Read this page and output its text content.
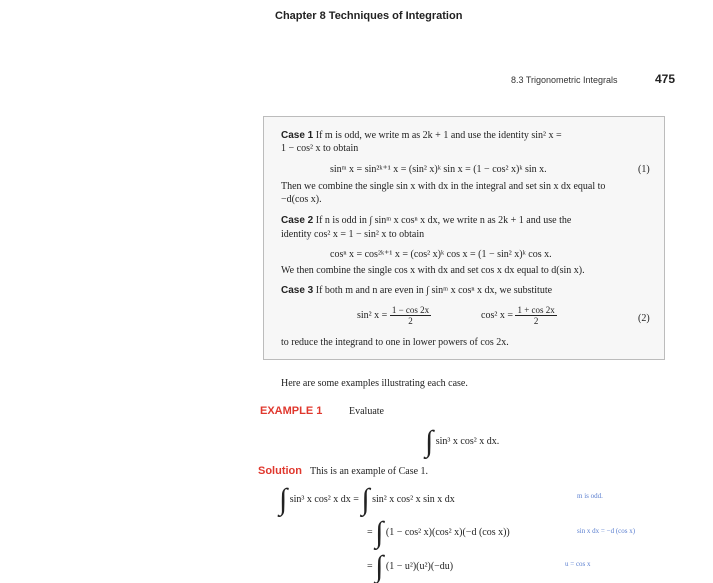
Chapter 8 Techniques of Integration
8.3 Trigonometric Integrals	475
Case 1 If m is odd, we write m as 2k + 1 and use the identity sin² x =
1 − cos² x to obtain
sinᵐ x = sin²ᵏ⁺¹ x = (sin² x)ᵏ sin x = (1 − cos² x)ᵏ sin x.	(1)
Then we combine the single sin x with dx in the integral and set sin x dx equal to
−d(cos x).
Case 2 If n is odd in ∫ sinᵐ x cosⁿ x dx, we write n as 2k + 1 and use the
identity cos² x = 1 − sin² x to obtain
cosⁿ x = cos²ᵏ⁺¹ x = (cos² x)ᵏ cos x = (1 − sin² x)ᵏ cos x.
We then combine the single cos x with dx and set cos x dx equal to d(sin x).
Case 3 If both m and n are even in ∫ sinᵐ x cosⁿ x dx, we substitute
sin² $x = \frac{1 - \cos 2x}{2}$	cos² $x = \frac{1 + \cos 2x}{2}$	(2)
to reduce the integrand to one in lower powers of cos 2x.
Here are some examples illustrating each case.
EXAMPLE 1	Evaluate
∫ sin³ x cos² x dx.
Solution This is an example of Case 1.
∫ sin³ x cos² x dx = ∫ sin² x cos² x sin x dx	m is odd.
= ∫ (1 − cos² x)(cos² x)(−d (cos x))	sin x dx = −d (cos x)
= ∫ (1 − u²)(u²)(−du)	u = cos x
